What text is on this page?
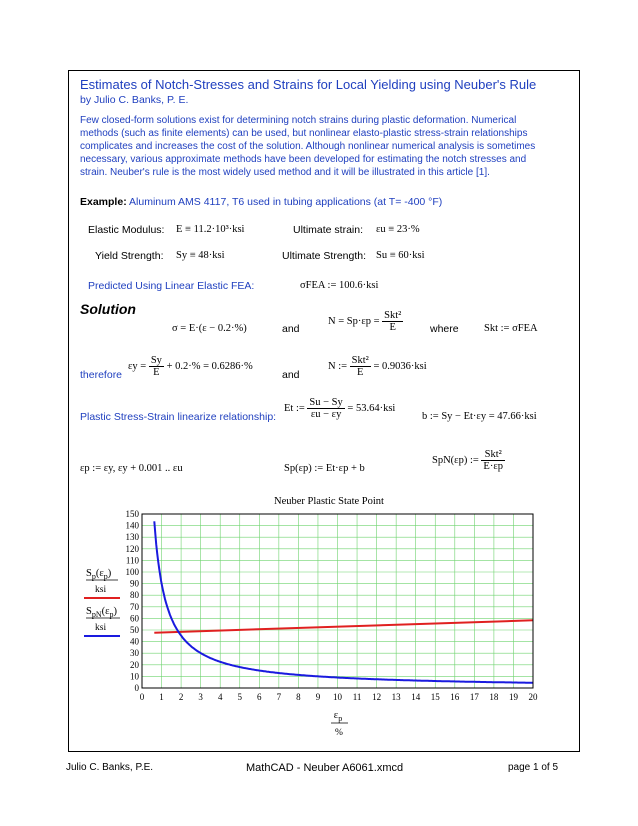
Estimates of Notch-Stresses and Strains for Local Yielding using Neuber's Rule
by Julio C. Banks, P. E.
Few closed-form solutions exist for determining notch strains during plastic deformation. Numerical methods (such as finite elements) can be used, but nonlinear elasto-plastic stress-strain relationships complicates and increases the cost of the solution. Although nonlinear numerical analysis is sometimes necessary, various approximate methods have been developed for estimating the notch stresses and strain. Neuber's rule is the most widely used method and it will be illustrated in this article [1].
Example: Aluminum AMS 4117, T6 used in tubing applications (at T= -400 °F)
Elastic Modulus: E ≡ 11.2·10³·ksi	Ultimate strain: εu ≡ 23·%
Yield Strength: Sy ≡ 48·ksi	Ultimate Strength: Su ≡ 60·ksi
Predicted Using Linear Elastic FEA:	σFEA := 100.6·ksi
Solution
σ = E·(ε − 0.2·%)	and
$N = Sp\cdot\varepsilon p = \frac{\text{Skt²}}{E}$	where Skt := σFEA
therefore
$\varepsilon y = \frac{Sy}{E} + 0.2\cdot\% = 0.6286\cdot\%$
and
N := $\frac{\text{Skt²}}{E} = 0.9036\cdot ksi$
Plastic Stress-Strain linearize relationship:
Et := $\frac{Su - Sy}{\varepsilon u - \varepsilon y} = 53.64\cdot ksi$
b := Sy − Et·εy = 47.66·ksi
εp := εy, εy + 0.001 .. εu	Sp(εp) := Et·εp + b
SpN(εp) := $\frac{\text{Skt²}}{E\cdot\varepsilon p}$
Neuber Plastic State Point
0
10
20
30
40
50
60
70
80
90
100
110
120
130
140
150
0 1 2 3 4 5 6 7 8 9 10 11 12 13 14 15 16 17 18 19 20
$S_p(\varepsilon_p)$
ksi
$S_{pN}(\varepsilon_p)$
ksi
$\varepsilon_p$
%
Julio C. Banks, P.E.	MathCAD - Neuber A6061.xmcd	page 1 of 5
